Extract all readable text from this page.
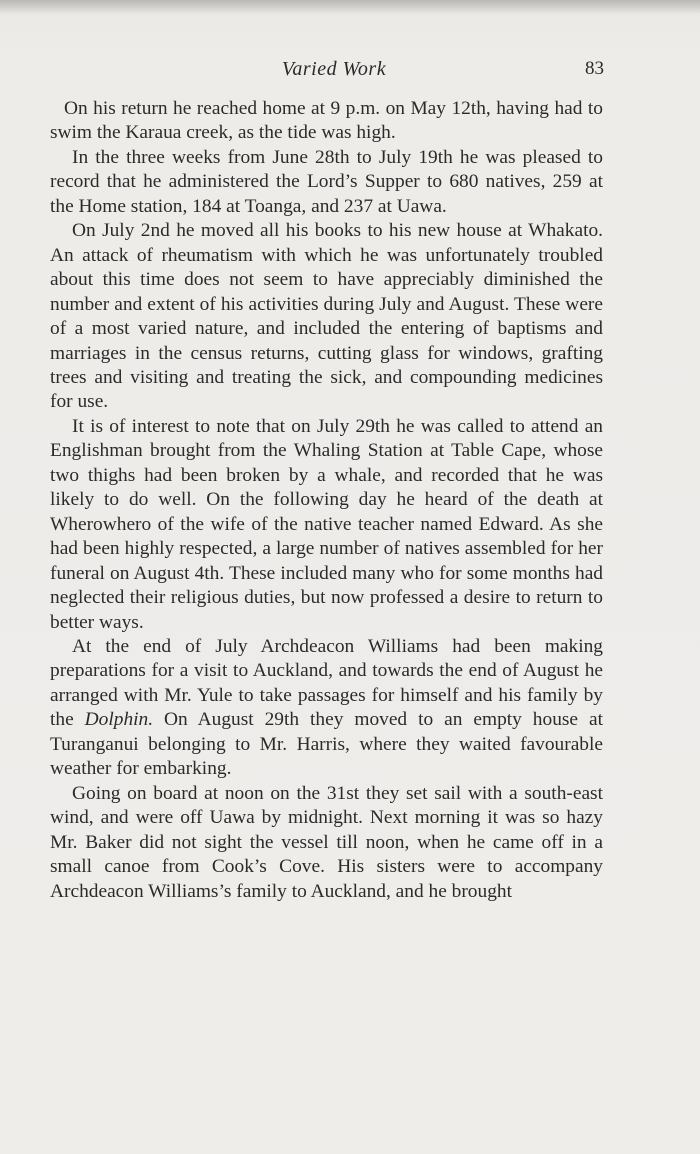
Varied Work	83

On his return he reached home at 9 p.m. on May 12th, having had to swim the Karaua creek, as the tide was high.

In the three weeks from June 28th to July 19th he was pleased to record that he administered the Lord’s Supper to 680 natives, 259 at the Home station, 184 at Toanga, and 237 at Uawa.

On July 2nd he moved all his books to his new house at Whakato. An attack of rheumatism with which he was unfortunately troubled about this time does not seem to have appreciably diminished the number and extent of his activities during July and August. These were of a most varied nature, and included the entering of baptisms and marriages in the census returns, cutting glass for windows, grafting trees and visiting and treating the sick, and compounding medicines for use.

It is of interest to note that on July 29th he was called to attend an Englishman brought from the Whaling Station at Table Cape, whose two thighs had been broken by a whale, and recorded that he was likely to do well. On the following day he heard of the death at Wherowhero of the wife of the native teacher named Edward. As she had been highly respected, a large number of natives assembled for her funeral on August 4th. These included many who for some months had neglected their religious duties, but now professed a desire to return to better ways.

At the end of July Archdeacon Williams had been making preparations for a visit to Auckland, and towards the end of August he arranged with Mr. Yule to take passages for himself and his family by the Dolphin. On August 29th they moved to an empty house at Turanganui belonging to Mr. Harris, where they waited favourable weather for embarking.

Going on board at noon on the 31st they set sail with a south-east wind, and were off Uawa by midnight. Next morning it was so hazy Mr. Baker did not sight the vessel till noon, when he came off in a small canoe from Cook’s Cove. His sisters were to accompany Archdeacon Williams’s family to Auckland, and he brought
